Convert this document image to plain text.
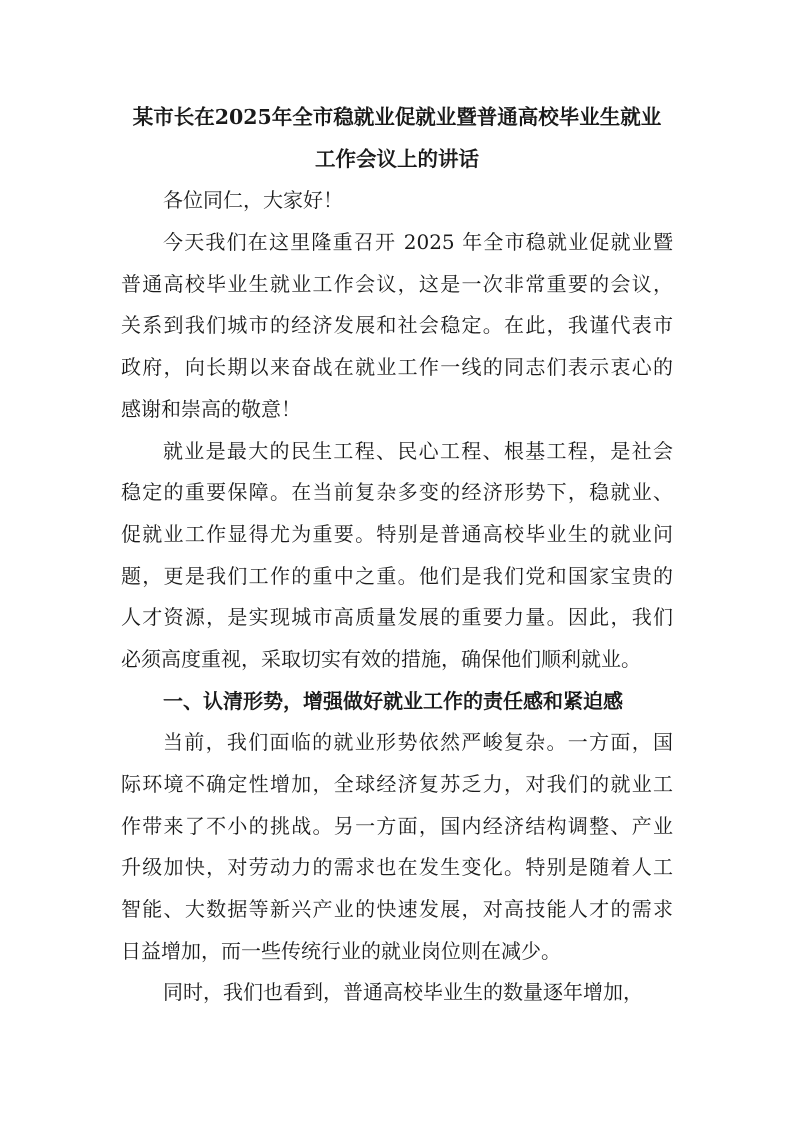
某市长在2025年全市稳就业促就业暨普通高校毕业生就业
工作会议上的讲话
各位同仁，大家好！
今天我们在这里隆重召开 2025 年全市稳就业促就业暨
普通高校毕业生就业工作会议，这是一次非常重要的会议，
关系到我们城市的经济发展和社会稳定。在此，我谨代表市
政府，向长期以来奋战在就业工作一线的同志们表示衷心的
感谢和崇高的敬意！
就业是最大的民生工程、民心工程、根基工程，是社会
稳定的重要保障。在当前复杂多变的经济形势下，稳就业、
促就业工作显得尤为重要。特别是普通高校毕业生的就业问
题，更是我们工作的重中之重。他们是我们党和国家宝贵的
人才资源，是实现城市高质量发展的重要力量。因此，我们
必须高度重视，采取切实有效的措施，确保他们顺利就业。
一、认清形势，增强做好就业工作的责任感和紧迫感
当前，我们面临的就业形势依然严峻复杂。一方面，国
际环境不确定性增加，全球经济复苏乏力，对我们的就业工
作带来了不小的挑战。另一方面，国内经济结构调整、产业
升级加快，对劳动力的需求也在发生变化。特别是随着人工
智能、大数据等新兴产业的快速发展，对高技能人才的需求
日益增加，而一些传统行业的就业岗位则在减少。
同时，我们也看到，普通高校毕业生的数量逐年增加，
